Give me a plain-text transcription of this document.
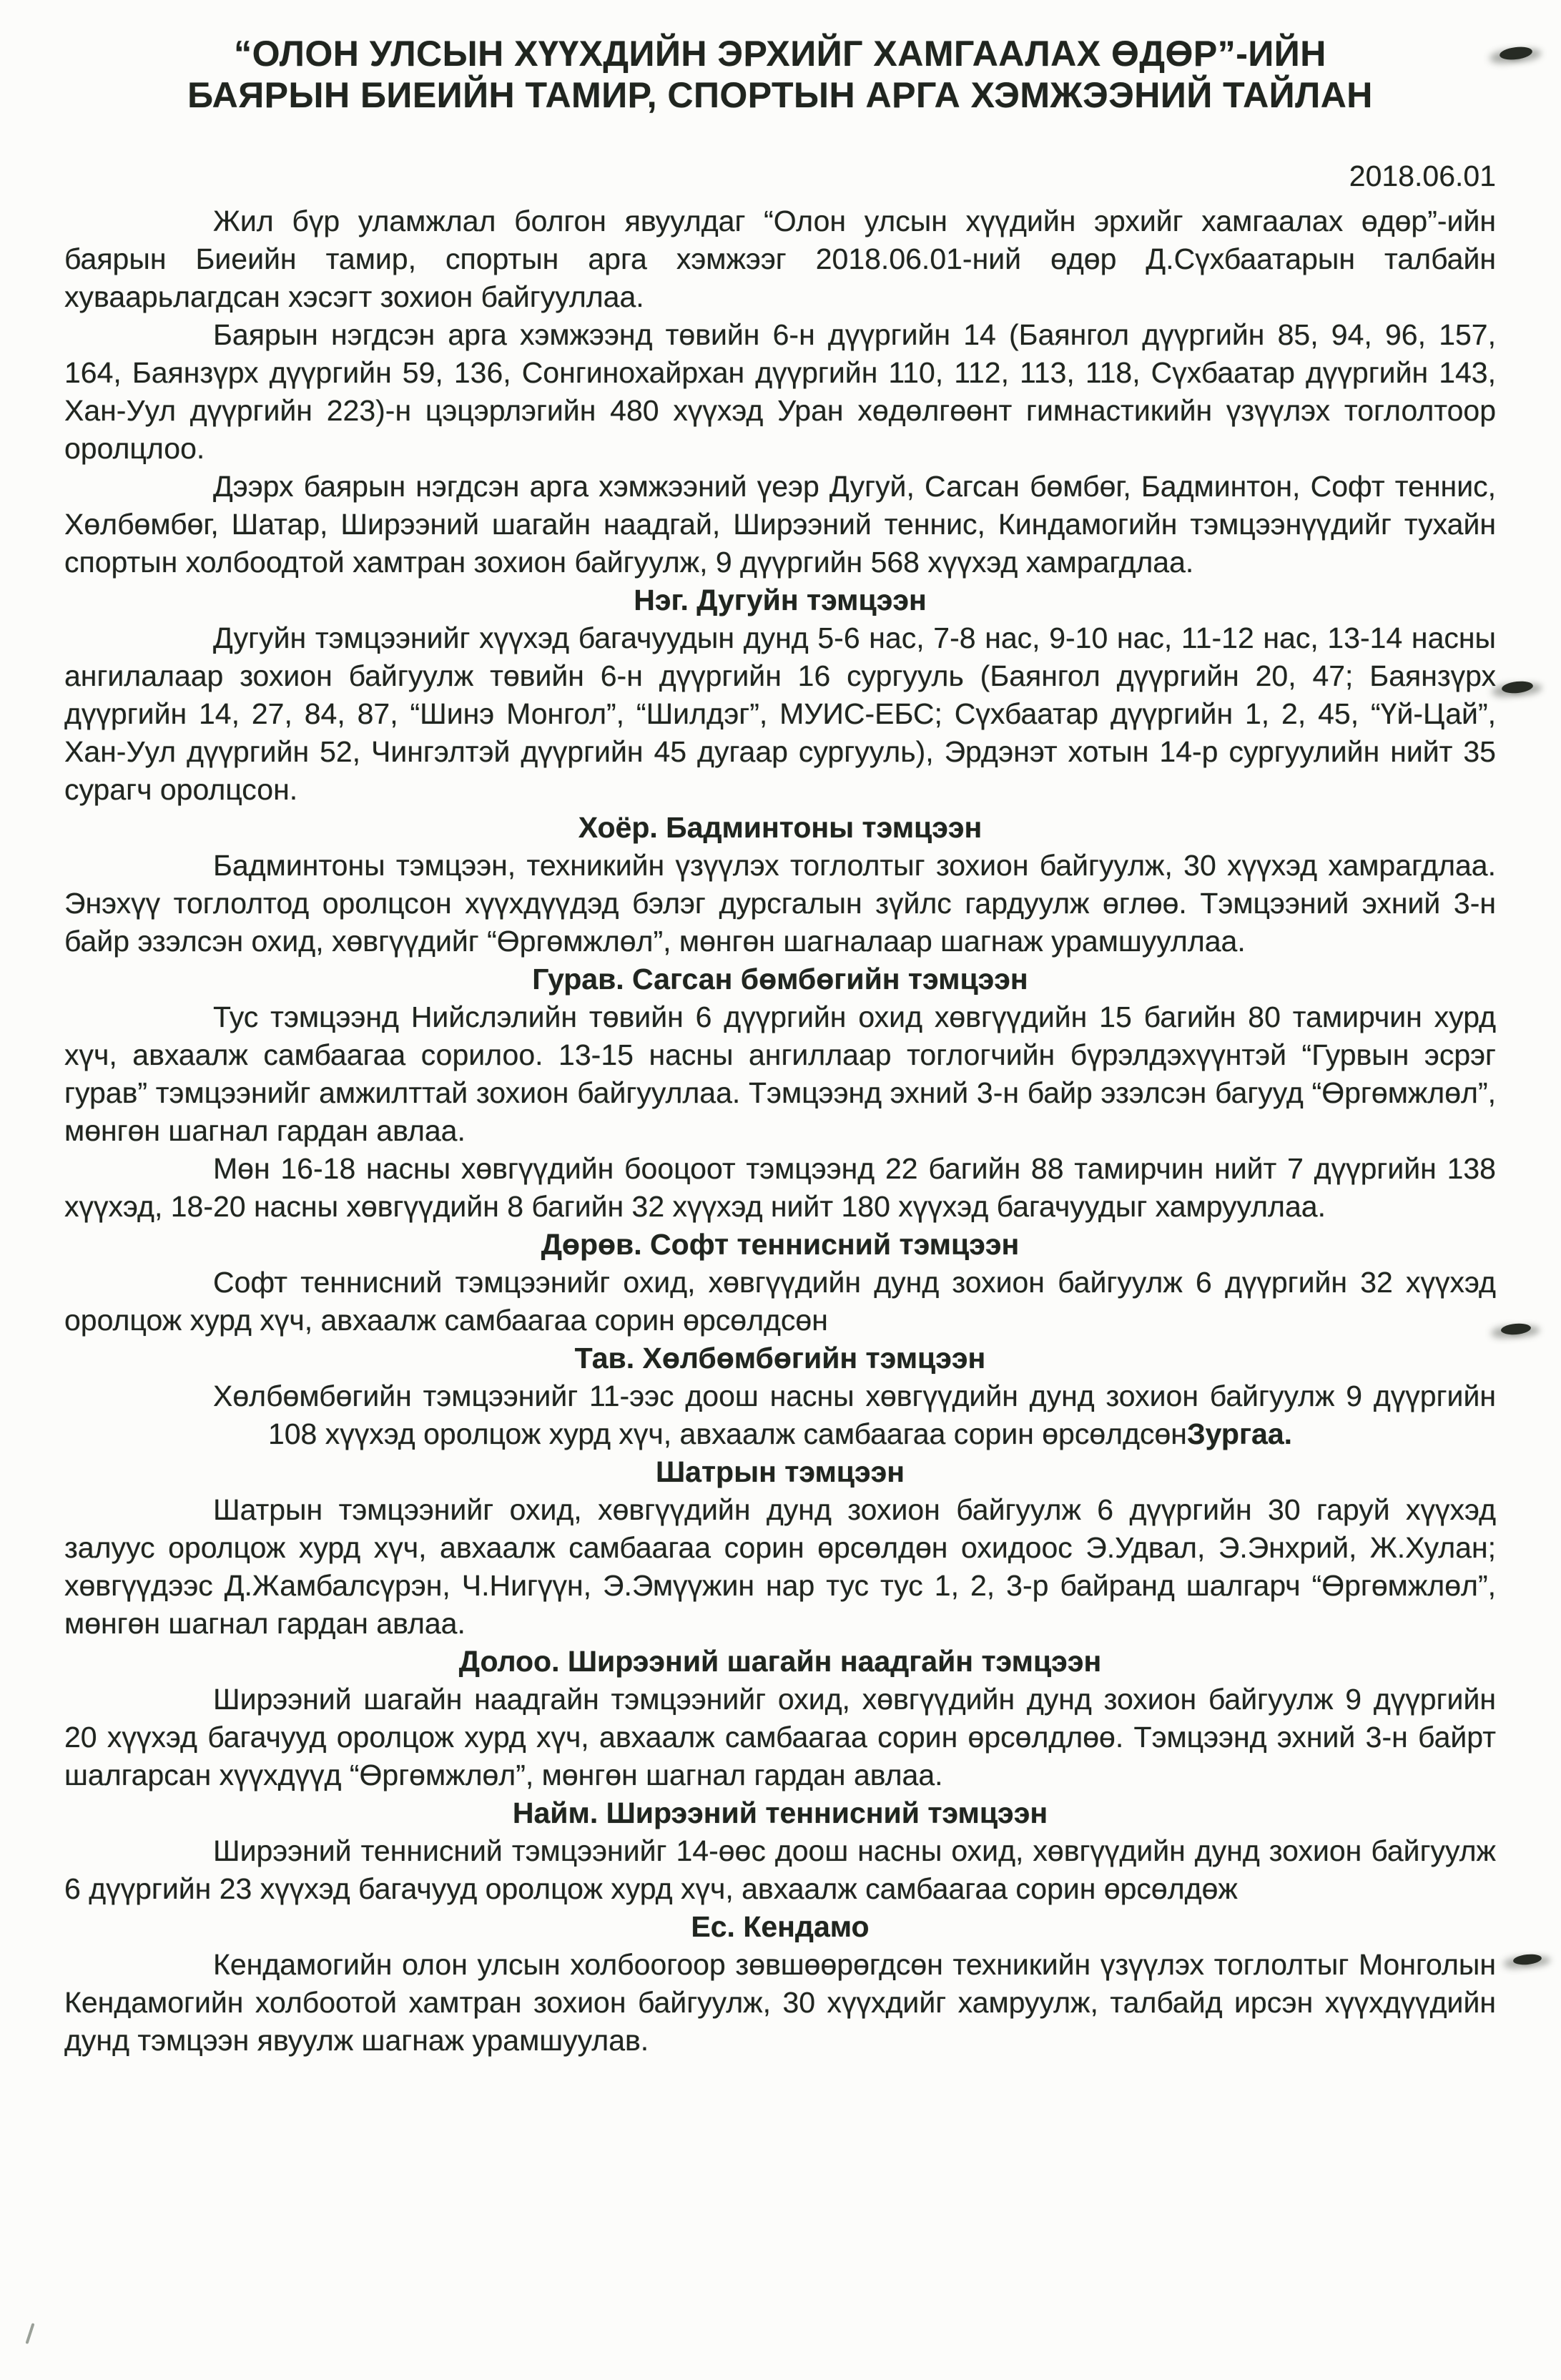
“ОЛОН УЛСЫН ХҮҮХДИЙН ЭРХИЙГ ХАМГААЛАХ ӨДӨР”-ИЙН
БАЯРЫН БИЕИЙН ТАМИР, СПОРТЫН АРГА ХЭМЖЭЭНИЙ ТАЙЛАН
2018.06.01

Жил бүр уламжлал болгон явуулдаг “Олон улсын хүүдийн эрхийг хамгаалах өдөр”-ийн баярын Биеийн тамир, спортын арга хэмжээг 2018.06.01-ний өдөр Д.Сүхбаатарын талбайн хуваарьлагдсан хэсэгт зохион байгууллаа.

Баярын нэгдсэн арга хэмжээнд төвийн 6-н дүүргийн 14 (Баянгол дүүргийн 85, 94, 96, 157, 164, Баянзүрх дүүргийн 59, 136, Сонгинохайрхан дүүргийн 110, 112, 113, 118, Сүхбаатар дүүргийн 143, Хан-Уул дүүргийн 223)-н цэцэрлэгийн 480 хүүхэд Уран хөдөлгөөнт гимнастикийн үзүүлэх тоглолтоор оролцлоо.

Дээрх баярын нэгдсэн арга хэмжээний үеэр Дугуй, Сагсан бөмбөг, Бадминтон, Софт теннис, Хөлбөмбөг, Шатар, Ширээний шагайн наадгай, Ширээний теннис, Киндамогийн тэмцээнүүдийг тухайн спортын холбоодтой хамтран зохион байгуулж, 9 дүүргийн 568 хүүхэд хамрагдлаа.

Нэг. Дугуйн тэмцээн

Дугуйн тэмцээнийг хүүхэд багачуудын дунд 5-6 нас, 7-8 нас, 9-10 нас, 11-12 нас, 13-14 насны ангилалаар зохион байгуулж төвийн 6-н дүүргийн 16 сургууль (Баянгол дүүргийн 20, 47; Баянзүрх дүүргийн 14, 27, 84, 87, “Шинэ Монгол”, “Шилдэг”, МУИС-ЕБС; Сүхбаатар дүүргийн 1, 2, 45, “Үй-Цай”, Хан-Уул дүүргийн 52, Чингэлтэй дүүргийн 45 дугаар сургууль), Эрдэнэт хотын 14-р сургуулийн нийт 35 сурагч оролцсон.

Хоёр. Бадминтоны тэмцээн

Бадминтоны тэмцээн, техникийн үзүүлэх тоглолтыг зохион байгуулж, 30 хүүхэд хамрагдлаа. Энэхүү тоглолтод оролцсон хүүхдүүдэд бэлэг дурсгалын зүйлс гардуулж өглөө. Тэмцээний эхний 3-н байр эзэлсэн охид, хөвгүүдийг “Өргөмжлөл”, мөнгөн шагналаар шагнаж урамшууллаа.

Гурав. Сагсан бөмбөгийн тэмцээн

Тус тэмцээнд Нийслэлийн төвийн 6 дүүргийн охид хөвгүүдийн 15 багийн 80 тамирчин хурд хүч, авхаалж самбаагаа сорилоо. 13-15 насны ангиллаар тоглогчийн бүрэлдэхүүнтэй “Гурвын эсрэг гурав” тэмцээнийг амжилттай зохион байгууллаа. Тэмцээнд эхний 3-н байр эзэлсэн багууд “Өргөмжлөл”, мөнгөн шагнал гардан авлаа.

Мөн 16-18 насны хөвгүүдийн бооцоот тэмцээнд 22 багийн 88 тамирчин нийт 7 дүүргийн 138 хүүхэд, 18-20 насны хөвгүүдийн 8 багийн 32 хүүхэд нийт 180 хүүхэд багачуудыг хамрууллаа.

Дөрөв. Софт теннисний тэмцээн

Софт теннисний тэмцээнийг охид, хөвгүүдийн дунд зохион байгуулж 6 дүүргийн 32 хүүхэд оролцож хурд хүч, авхаалж самбаагаа сорин өрсөлдсөн

Тав. Хөлбөмбөгийн тэмцээн

Хөлбөмбөгийн тэмцээнийг 11-ээс доош насны хөвгүүдийн дунд зохион байгуулж 9 дүүргийн 108 хүүхэд оролцож хурд хүч, авхаалж самбаагаа сорин өрсөлдсөнЗургаа.

Шатрын тэмцээн

Шатрын тэмцээнийг охид, хөвгүүдийн дунд зохион байгуулж 6 дүүргийн 30 гаруй хүүхэд залуус оролцож хурд хүч, авхаалж самбаагаа сорин өрсөлдөн охидоос Э.Удвал, Э.Энхрий, Ж.Хулан; хөвгүүдээс Д.Жамбалсүрэн, Ч.Нигүүн, Э.Эмүүжин нар тус тус 1, 2, 3-р байранд шалгарч “Өргөмжлөл”, мөнгөн шагнал гардан авлаа.

Долоо. Ширээний шагайн наадгайн тэмцээн

Ширээний шагайн наадгайн тэмцээнийг охид, хөвгүүдийн дунд зохион байгуулж 9 дүүргийн 20 хүүхэд багачууд оролцож хурд хүч, авхаалж самбаагаа сорин өрсөлдлөө. Тэмцээнд эхний 3-н байрт шалгарсан хүүхдүүд “Өргөмжлөл”, мөнгөн шагнал гардан авлаа.

Найм. Ширээний теннисний тэмцээн

Ширээний теннисний тэмцээнийг 14-өөс доош насны охид, хөвгүүдийн дунд зохион байгуулж 6 дүүргийн 23 хүүхэд багачууд оролцож хурд хүч, авхаалж самбаагаа сорин өрсөлдөж

Ес. Кендамо

Кендамогийн олон улсын холбоогоор зөвшөөрөгдсөн техникийн үзүүлэх тоглолтыг Монголын Кендамогийн холбоотой хамтран зохион байгуулж, 30 хүүхдийг хамруулж, талбайд ирсэн хүүхдүүдийн дунд тэмцээн явуулж шагнаж урамшуулав.
